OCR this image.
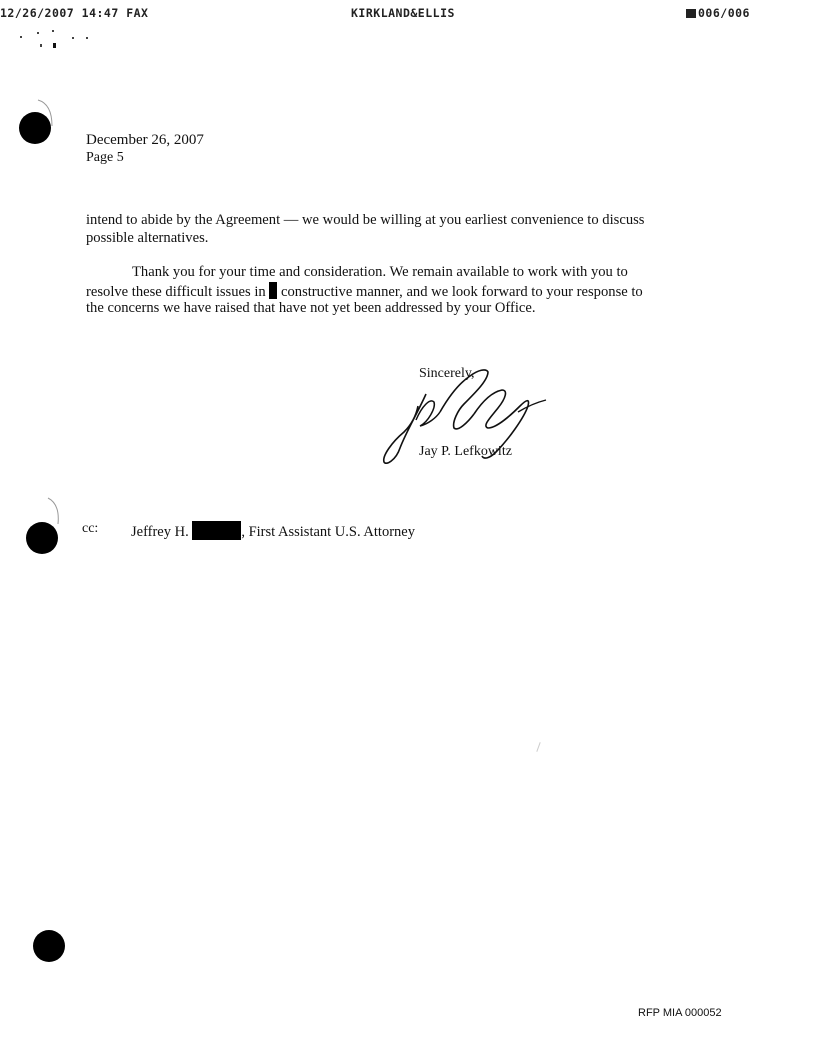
12/26/2007 14:47 FAX	KIRKLAND&ELLIS	006/006
December 26, 2007
Page 5
intend to abide by the Agreement — we would be willing at you earliest convenience to discuss
possible alternatives.
Thank you for your time and consideration. We remain available to work with you to
resolve these difficult issues in constructive manner, and we look forward to your response to
the concerns we have raised that have not yet been addressed by your Office.
Sincerely,
Jay P. Lefkowitz
cc: Jeffrey H.	, First Assistant U.S. Attorney
RFP MIA 000052
